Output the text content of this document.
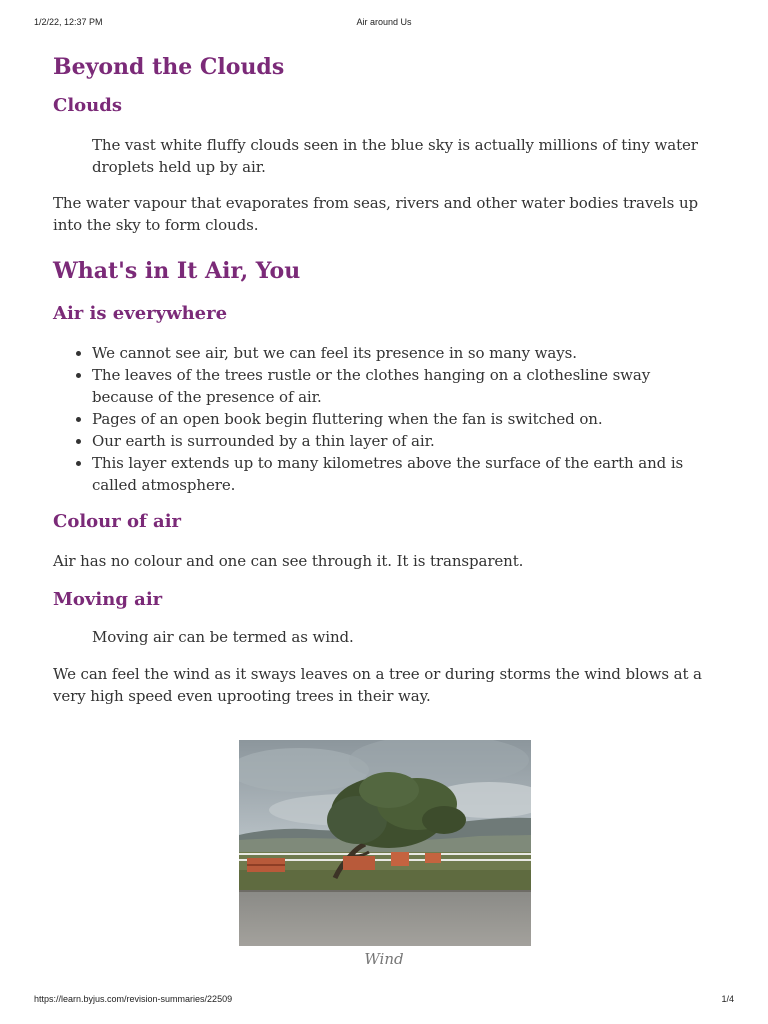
Air around Us
1/2/22, 12:37 PM
Beyond the Clouds
Clouds

The vast white fluffy clouds seen in the blue sky is actually millions of tiny water droplets held up by air.

The water vapour that evaporates from seas, rivers and other water bodies travels up into the sky to form clouds.

What's in It Air, You
Air is everywhere
• We cannot see air, but we can feel its presence in so many ways.
• The leaves of the trees rustle or the clothes hanging on a clothesline sway because of the presence of air.
• Pages of an open book begin fluttering when the fan is switched on.
• Our earth is surrounded by a thin layer of air.
• This layer extends up to many kilometres above the surface of the earth and is called atmosphere.
Colour of air

Air has no colour and one can see through it. It is transparent.

Moving air

Moving air can be termed as wind.

We can feel the wind as it sways leaves on a tree or during storms the wind blows at a very high speed even uprooting trees in their way.

Wind
https://learn.byjus.com/revision-summaries/22509	1/4
